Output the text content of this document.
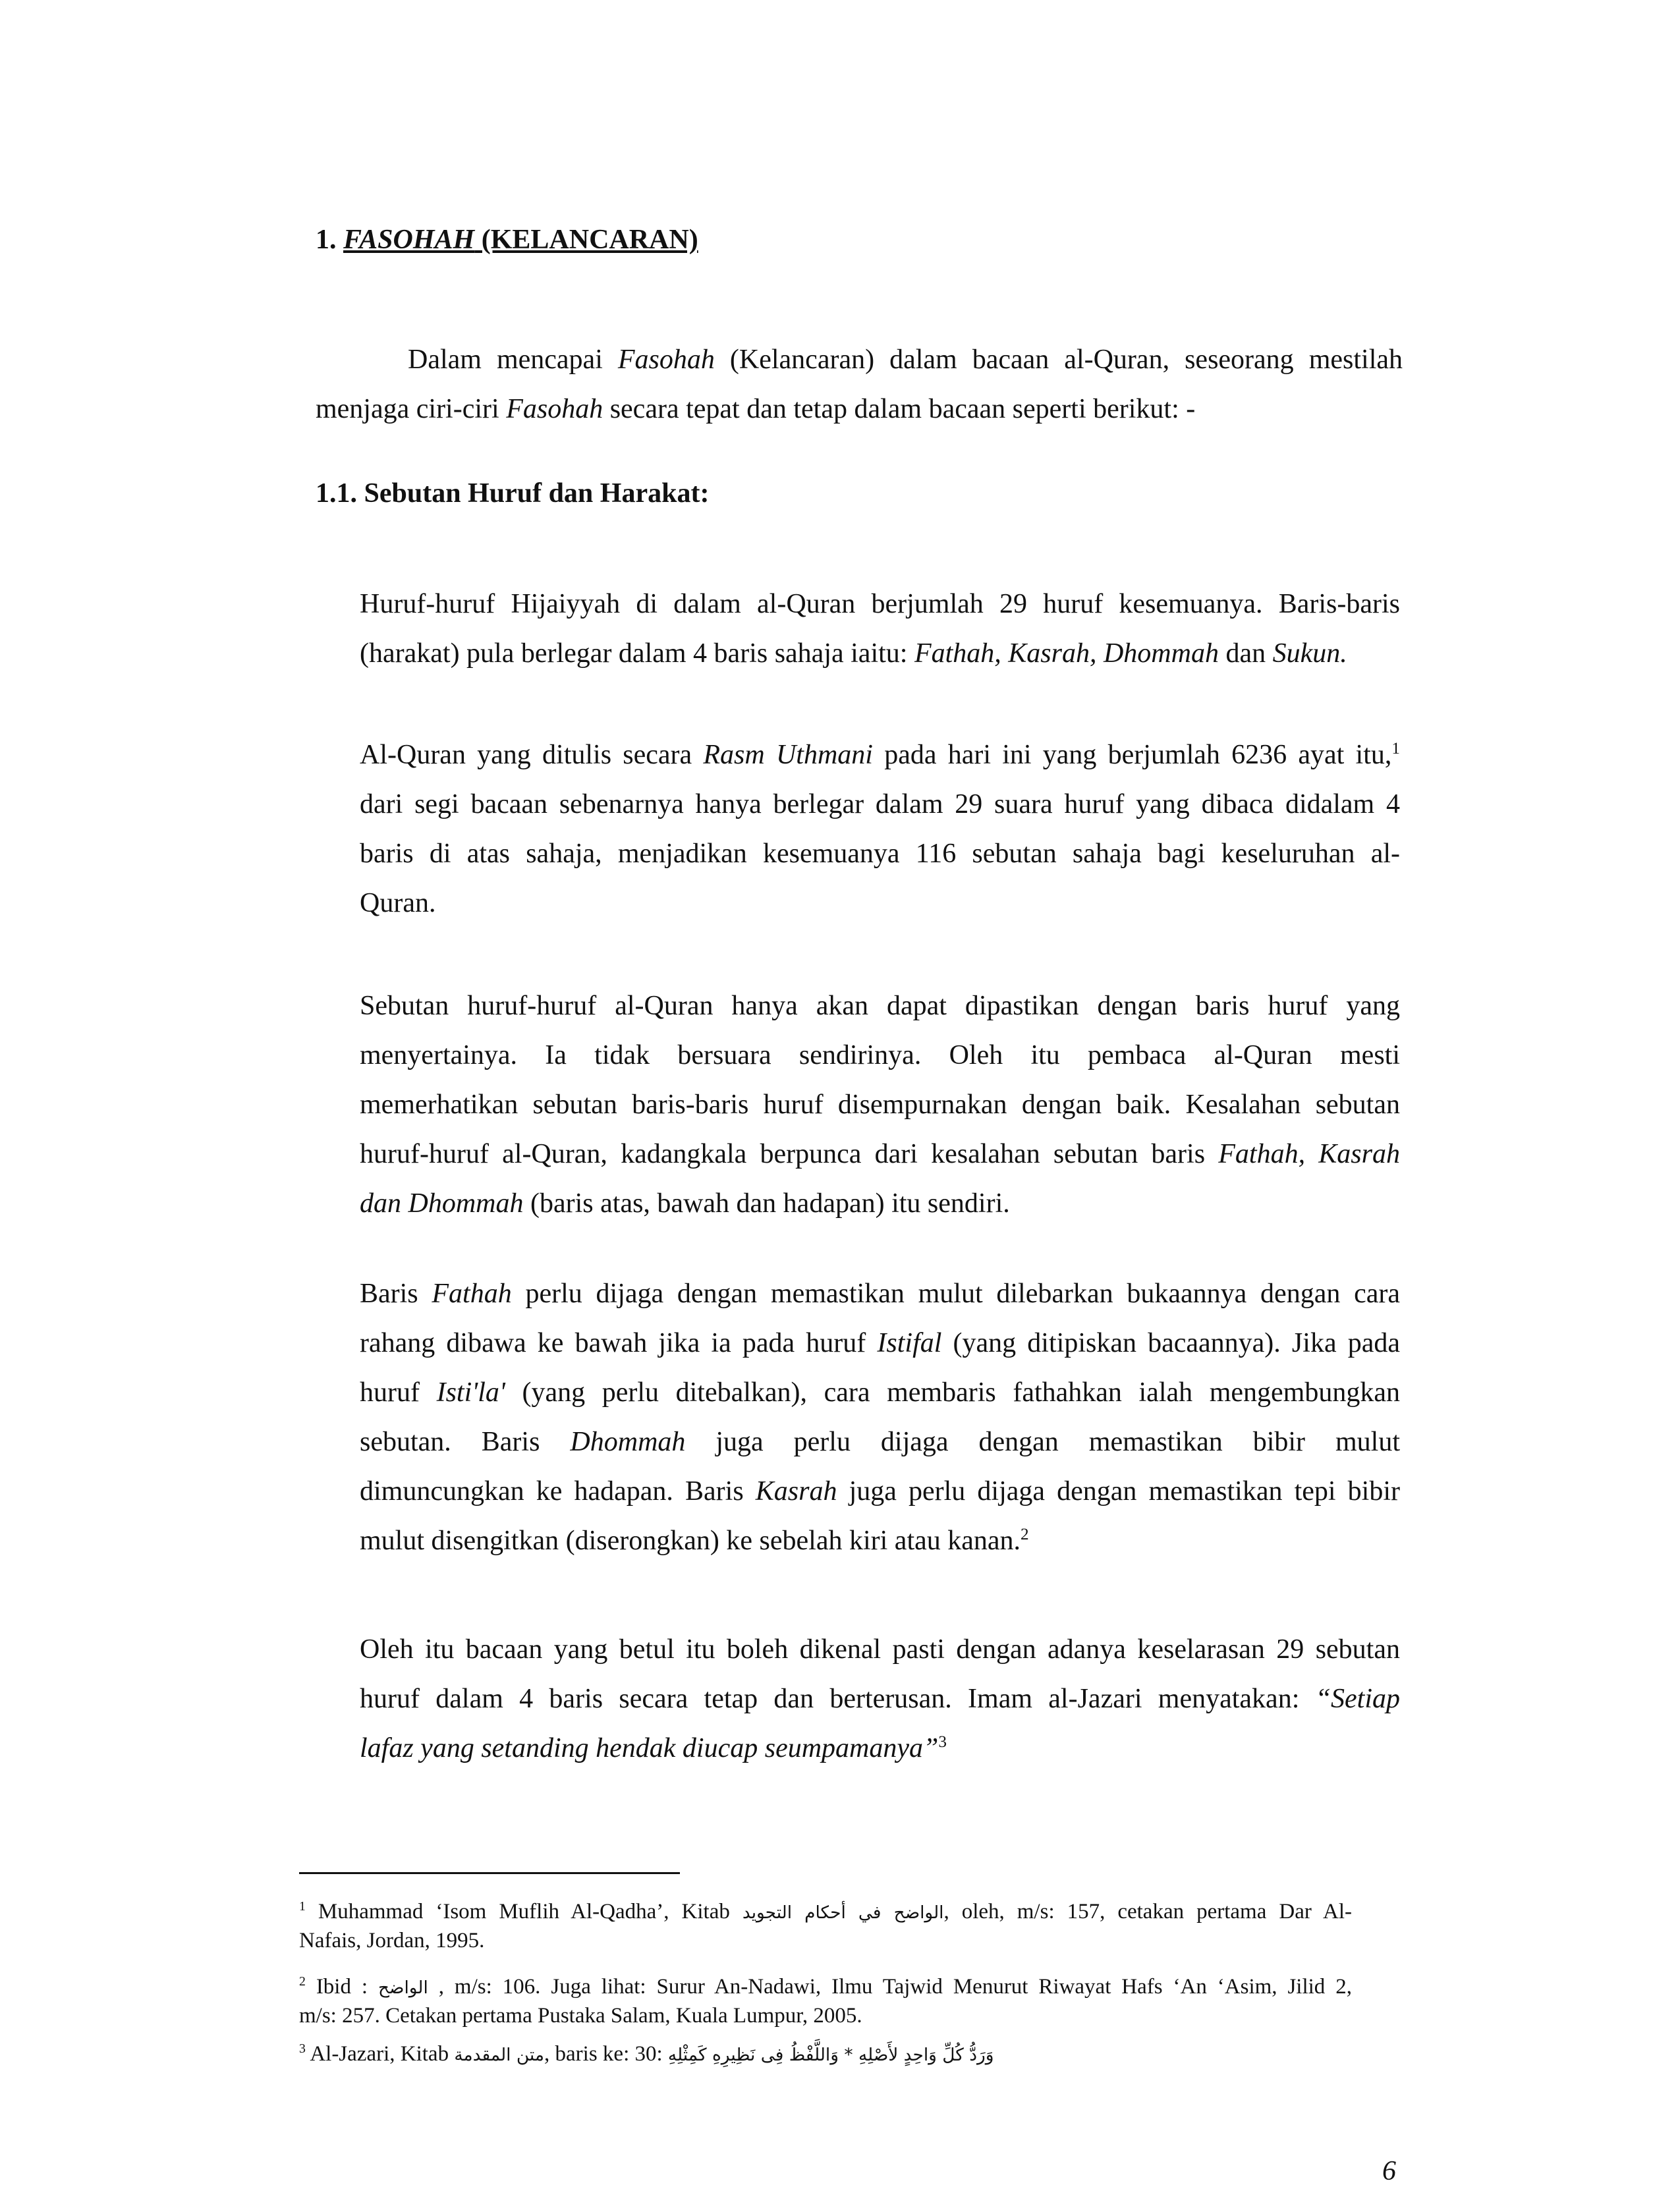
1. FASOHAH (KELANCARAN)
Dalam mencapai Fasohah (Kelancaran) dalam bacaan al-Quran, seseorang mestilah
menjaga ciri-ciri Fasohah secara tepat dan tetap dalam bacaan seperti berikut: -
1.1. Sebutan Huruf dan Harakat:
Huruf-huruf Hijaiyyah di dalam al-Quran berjumlah 29 huruf kesemuanya. Baris-baris
(harakat) pula berlegar dalam 4 baris sahaja iaitu: Fathah, Kasrah, Dhommah dan Sukun.
Al-Quran yang ditulis secara Rasm Uthmani pada hari ini yang berjumlah 6236 ayat itu,$^1$
dari segi bacaan sebenarnya hanya berlegar dalam 29 suara huruf yang dibaca didalam 4
baris di atas sahaja, menjadikan kesemuanya 116 sebutan sahaja bagi keseluruhan al-
Quran.
Sebutan huruf-huruf al-Quran hanya akan dapat dipastikan dengan baris huruf yang
menyertainya. Ia tidak bersuara sendirinya. Oleh itu pembaca al-Quran mesti
memerhatikan sebutan baris-baris huruf disempurnakan dengan baik. Kesalahan sebutan
huruf-huruf al-Quran, kadangkala berpunca dari kesalahan sebutan baris Fathah, Kasrah
dan Dhommah (baris atas, bawah dan hadapan) itu sendiri.
Baris Fathah perlu dijaga dengan memastikan mulut dilebarkan bukaannya dengan cara
rahang dibawa ke bawah jika ia pada huruf Istifal (yang ditipiskan bacaannya). Jika pada
huruf Isti'la' (yang perlu ditebalkan), cara membaris fathahkan ialah mengembungkan
sebutan. Baris Dhommah juga perlu dijaga dengan memastikan bibir mulut
dimuncungkan ke hadapan. Baris Kasrah juga perlu dijaga dengan memastikan tepi bibir
mulut disengitkan (diserongkan) ke sebelah kiri atau kanan.$^2$
Oleh itu bacaan yang betul itu boleh dikenal pasti dengan adanya keselarasan 29 sebutan
huruf dalam 4 baris secara tetap dan berterusan. Imam al-Jazari menyatakan: “Setiap
lafaz yang setanding hendak diucap seumpamanya”$^3$
$^1$ Muhammad ‘Isom Muflih Al-Qadha’, Kitab الواضح في أحكام التجويد, oleh, m/s: 157, cetakan pertama Dar Al-
Nafais, Jordan, 1995.
$^2$ Ibid : الواضح , m/s: 106. Juga lihat: Surur An-Nadawi, Ilmu Tajwid Menurut Riwayat Hafs ‘An ‘Asim, Jilid 2,
m/s: 257. Cetakan pertama Pustaka Salam, Kuala Lumpur, 2005.
$^3$ Al-Jazari, Kitab متن المقدمة, baris ke: 30: وَرَدُّ كُلِّ وَاحِدٍ لأَصْلِهِ * وَاللَّفْظُ فِى نَظِيرِهِ كَمِثْلِهِ
6
